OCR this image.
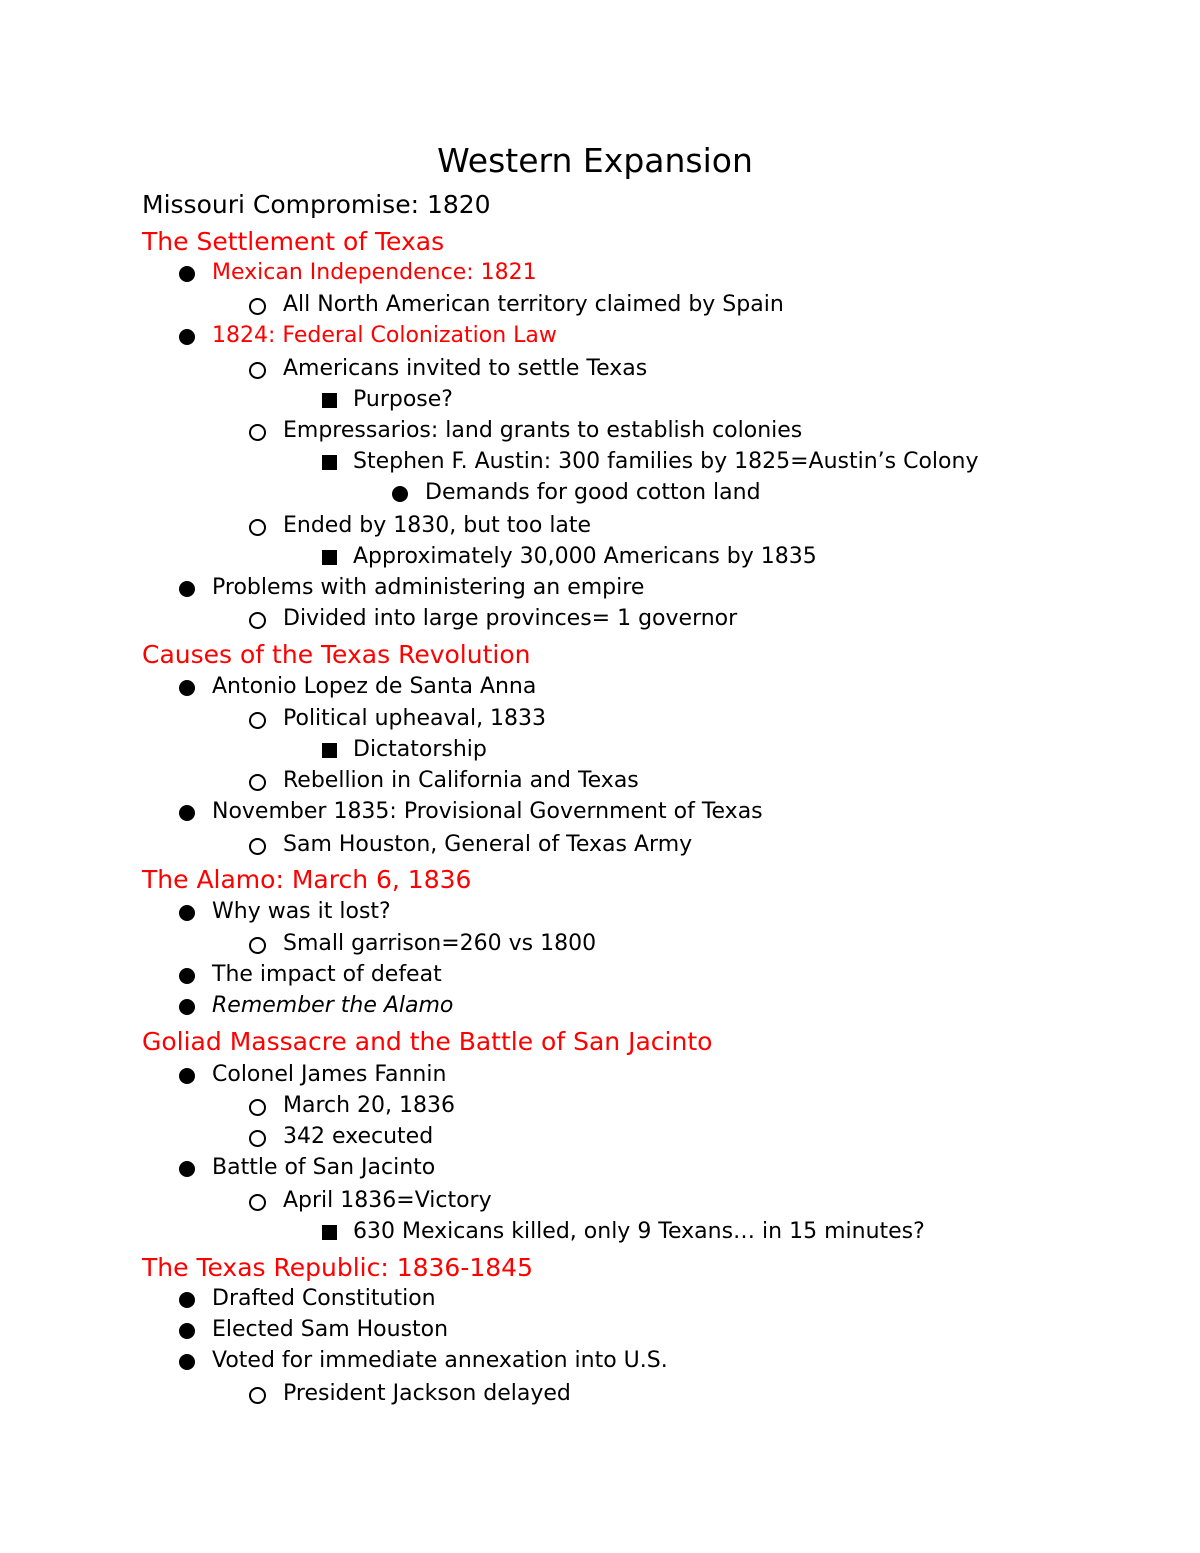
Western Expansion
Missouri Compromise: 1820
The Settlement of Texas
Mexican Independence: 1821
All North American territory claimed by Spain
1824: Federal Colonization Law
Americans invited to settle Texas
Purpose?
Empressarios: land grants to establish colonies
Stephen F. Austin: 300 families by 1825=Austin’s Colony
Demands for good cotton land
Ended by 1830, but too late
Approximately 30,000 Americans by 1835
Problems with administering an empire
Divided into large provinces= 1 governor
Causes of the Texas Revolution
Antonio Lopez de Santa Anna
Political upheaval, 1833
Dictatorship
Rebellion in California and Texas
November 1835: Provisional Government of Texas
Sam Houston, General of Texas Army
The Alamo: March 6, 1836
Why was it lost?
Small garrison=260 vs 1800
The impact of defeat
Remember the Alamo
Goliad Massacre and the Battle of San Jacinto
Colonel James Fannin
March 20, 1836
342 executed
Battle of San Jacinto
April 1836=Victory
630 Mexicans killed, only 9 Texans… in 15 minutes?
The Texas Republic: 1836-1845
Drafted Constitution
Elected Sam Houston
Voted for immediate annexation into U.S.
President Jackson delayed
